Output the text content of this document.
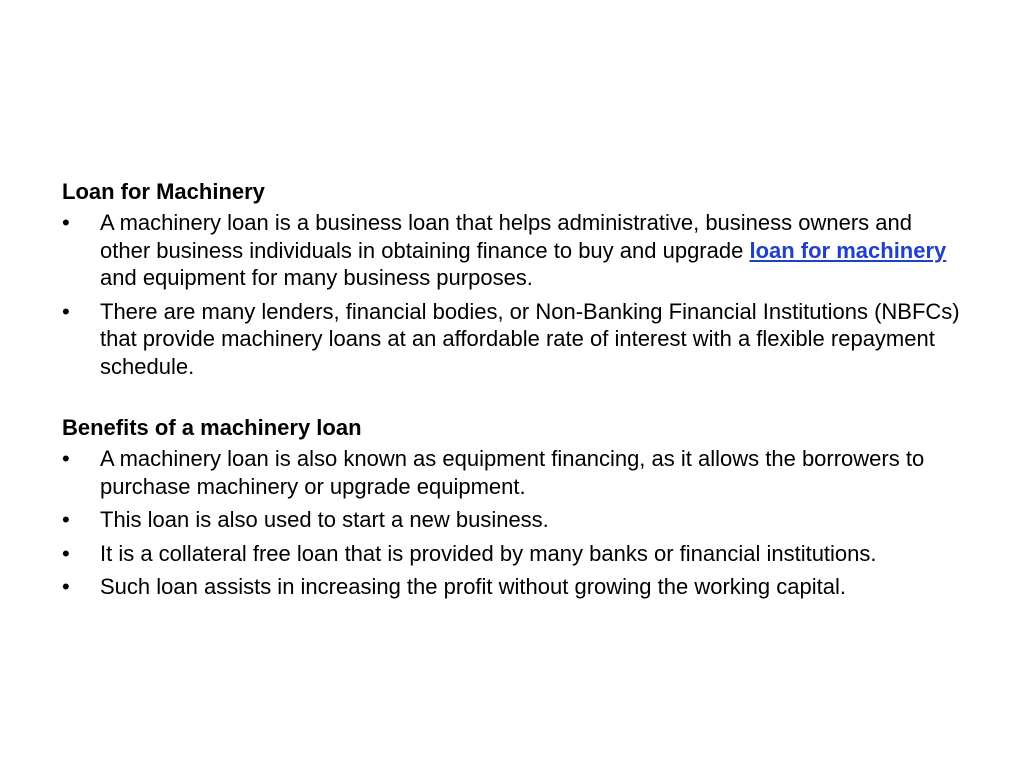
Loan for Machinery
•	A machinery loan is a business loan that helps administrative, business owners and other business individuals in obtaining finance to buy and upgrade loan for machinery and equipment for many business purposes.
•	There are many lenders, financial bodies, or Non-Banking Financial Institutions (NBFCs) that provide machinery loans at an affordable rate of interest with a flexible repayment schedule.
Benefits of a machinery loan
•	A machinery loan is also known as equipment financing, as it allows the borrowers to purchase machinery or upgrade equipment.
•	This loan is also used to start a new business.
•	It is a collateral free loan that is provided by many banks or financial institutions.
•	Such loan assists in increasing the profit without growing the working capital.
